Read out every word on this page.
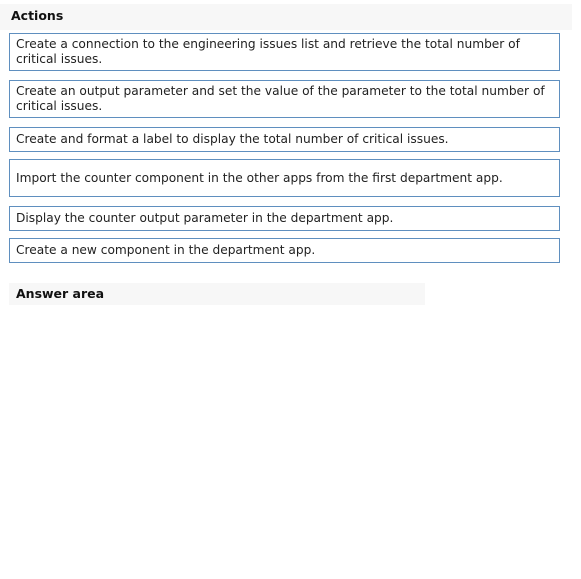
Actions
Create a connection to the engineering issues list and retrieve the total number of critical issues.
Create an output parameter and set the value of the parameter to the total number of critical issues.
Create and format a label to display the total number of critical issues.
Import the counter component in the other apps from the first department app.
Display the counter output parameter in the department app.
Create a new component in the department app.
Answer area
